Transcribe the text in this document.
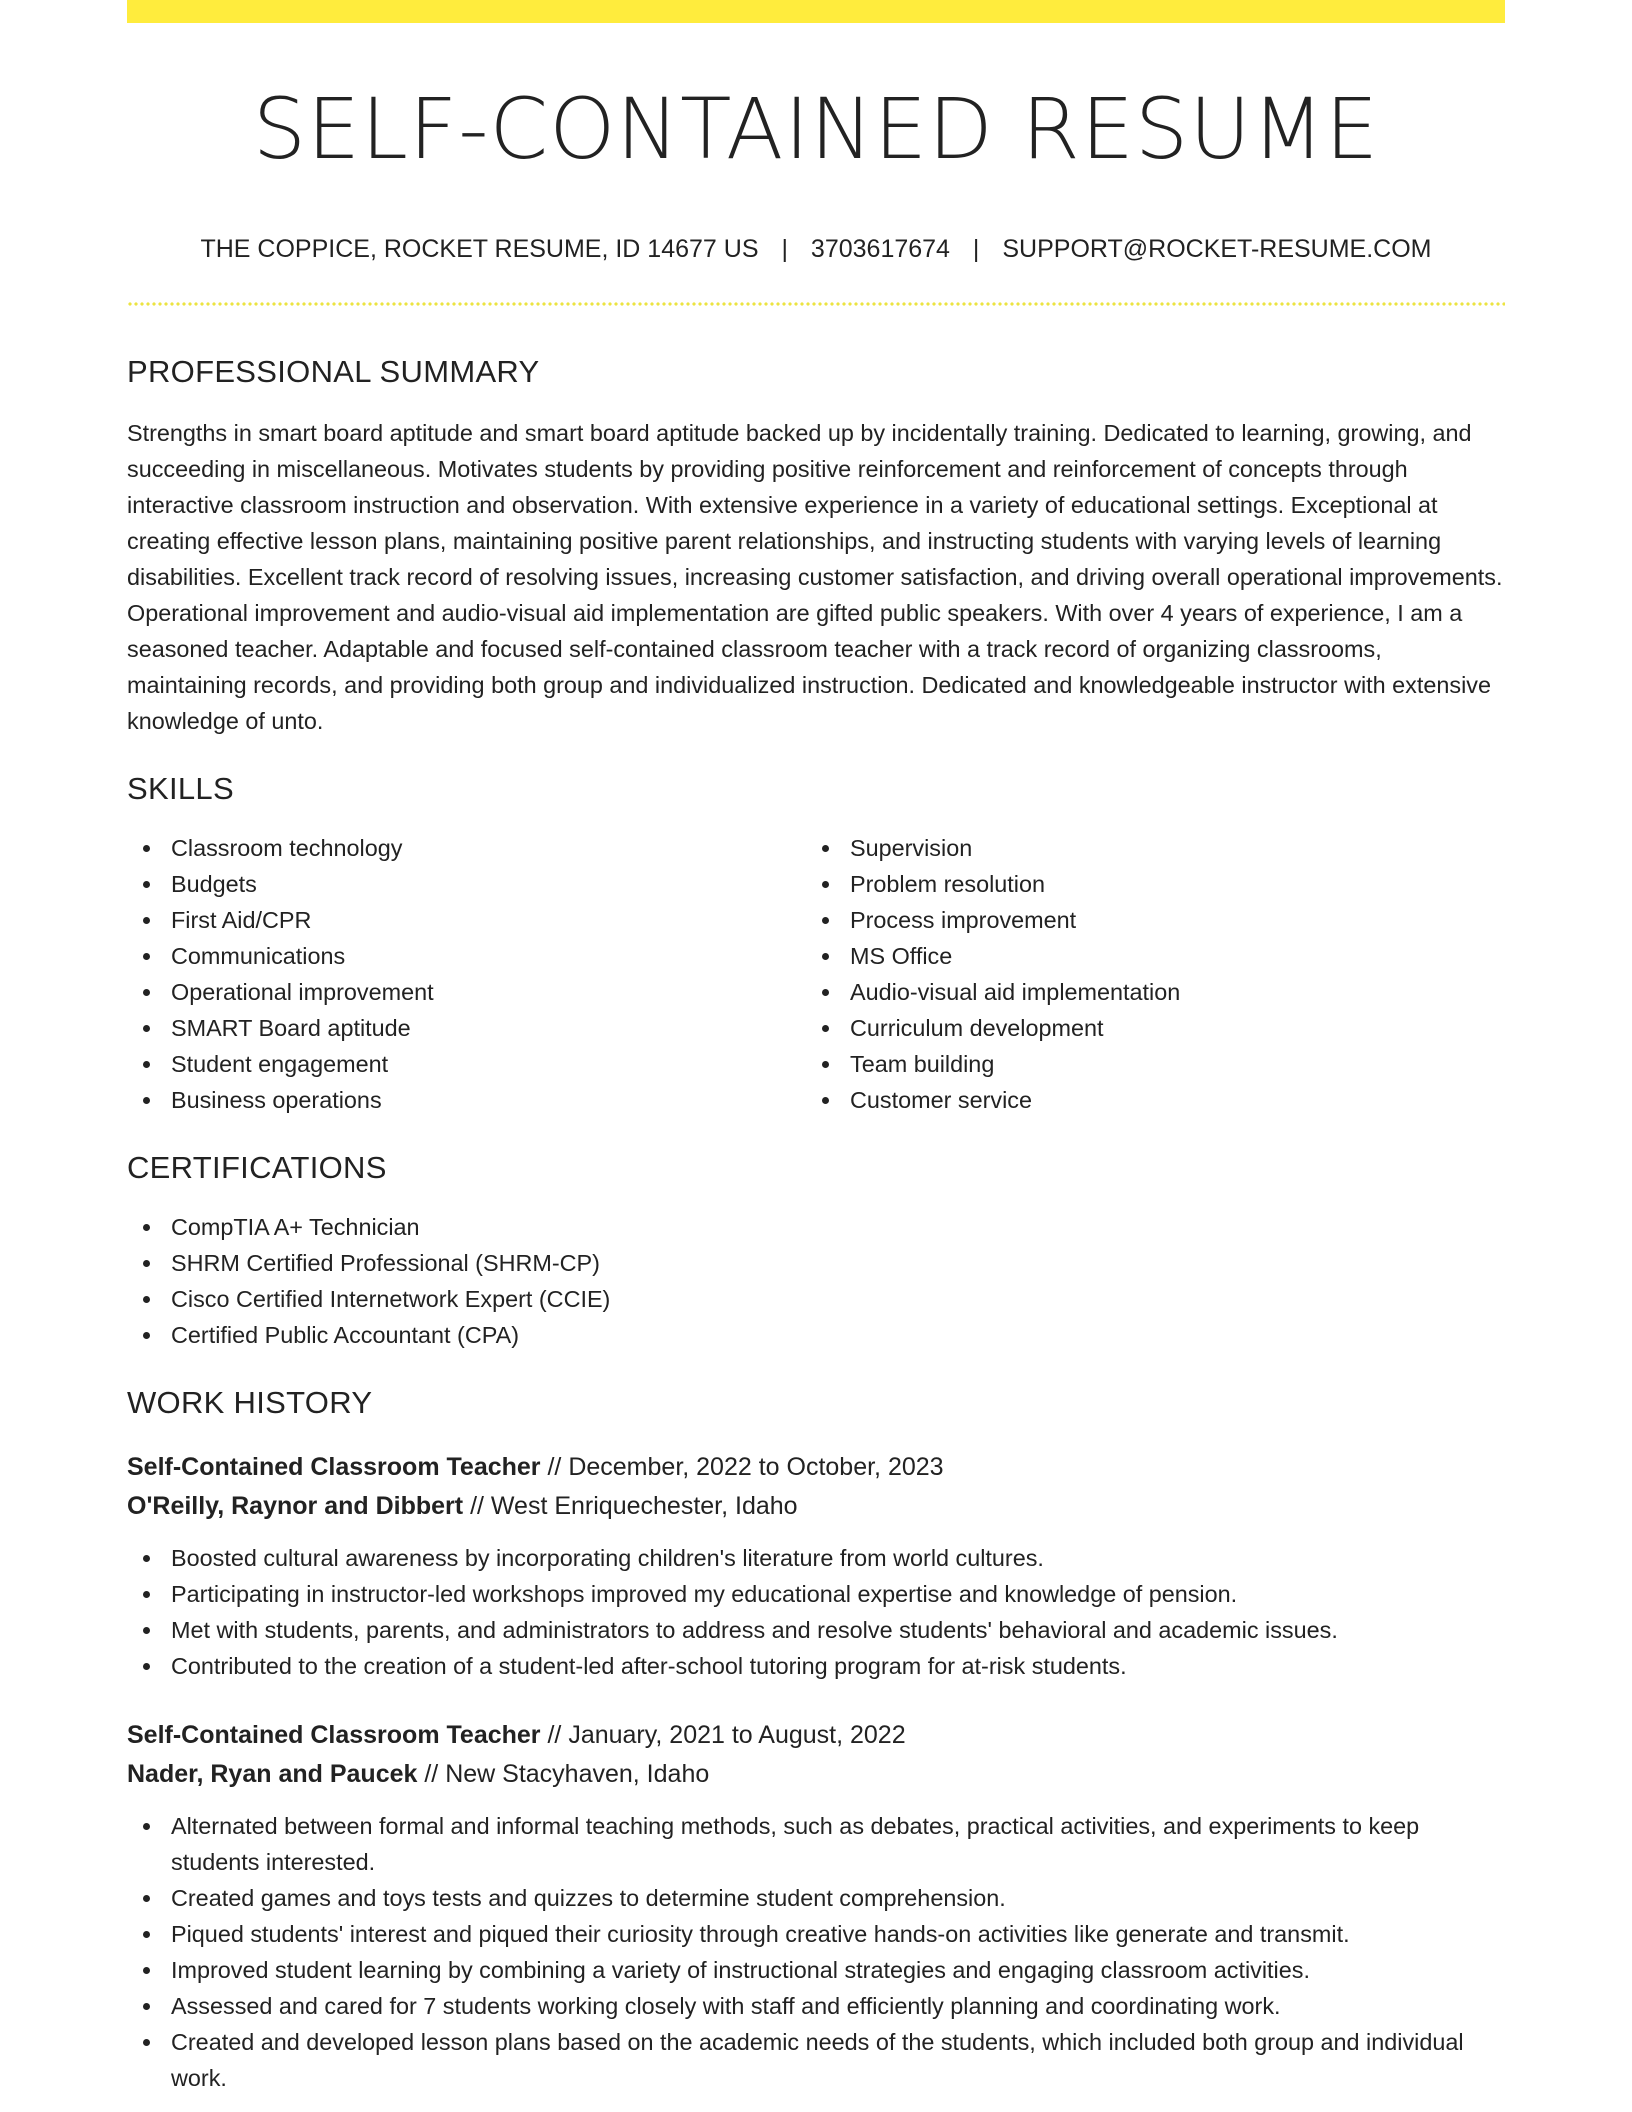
SELF-CONTAINED RESUME
THE COPPICE, ROCKET RESUME, ID 14677 US | 3703617674 | SUPPORT@ROCKET-RESUME.COM
PROFESSIONAL SUMMARY

Strengths in smart board aptitude and smart board aptitude backed up by incidentally training. Dedicated to learning, growing, and succeeding in miscellaneous. Motivates students by providing positive reinforcement and reinforcement of concepts through interactive classroom instruction and observation. With extensive experience in a variety of educational settings. Exceptional at creating effective lesson plans, maintaining positive parent relationships, and instructing students with varying levels of learning disabilities. Excellent track record of resolving issues, increasing customer satisfaction, and driving overall operational improvements. Operational improvement and audio-visual aid implementation are gifted public speakers. With over 4 years of experience, I am a seasoned teacher. Adaptable and focused self-contained classroom teacher with a track record of organizing classrooms, maintaining records, and providing both group and individualized instruction. Dedicated and knowledgeable instructor with extensive knowledge of unto.

SKILLS
Classroom technology
Budgets
First Aid/CPR
Communications
Operational improvement
SMART Board aptitude
Student engagement
Business operations
Supervision
Problem resolution
Process improvement
MS Office
Audio-visual aid implementation
Curriculum development
Team building
Customer service
CERTIFICATIONS
CompTIA A+ Technician
SHRM Certified Professional (SHRM-CP)
Cisco Certified Internetwork Expert (CCIE)
Certified Public Accountant (CPA)
WORK HISTORY
Self-Contained Classroom Teacher // December, 2022 to October, 2023
O'Reilly, Raynor and Dibbert // West Enriquechester, Idaho
Boosted cultural awareness by incorporating children's literature from world cultures.
Participating in instructor-led workshops improved my educational expertise and knowledge of pension.
Met with students, parents, and administrators to address and resolve students' behavioral and academic issues.
Contributed to the creation of a student-led after-school tutoring program for at-risk students.
Self-Contained Classroom Teacher // January, 2021 to August, 2022
Nader, Ryan and Paucek // New Stacyhaven, Idaho
Alternated between formal and informal teaching methods, such as debates, practical activities, and experiments to keep students interested.
Created games and toys tests and quizzes to determine student comprehension.
Piqued students' interest and piqued their curiosity through creative hands-on activities like generate and transmit.
Improved student learning by combining a variety of instructional strategies and engaging classroom activities.
Assessed and cared for 7 students working closely with staff and efficiently planning and coordinating work.
Created and developed lesson plans based on the academic needs of the students, which included both group and individual work.
